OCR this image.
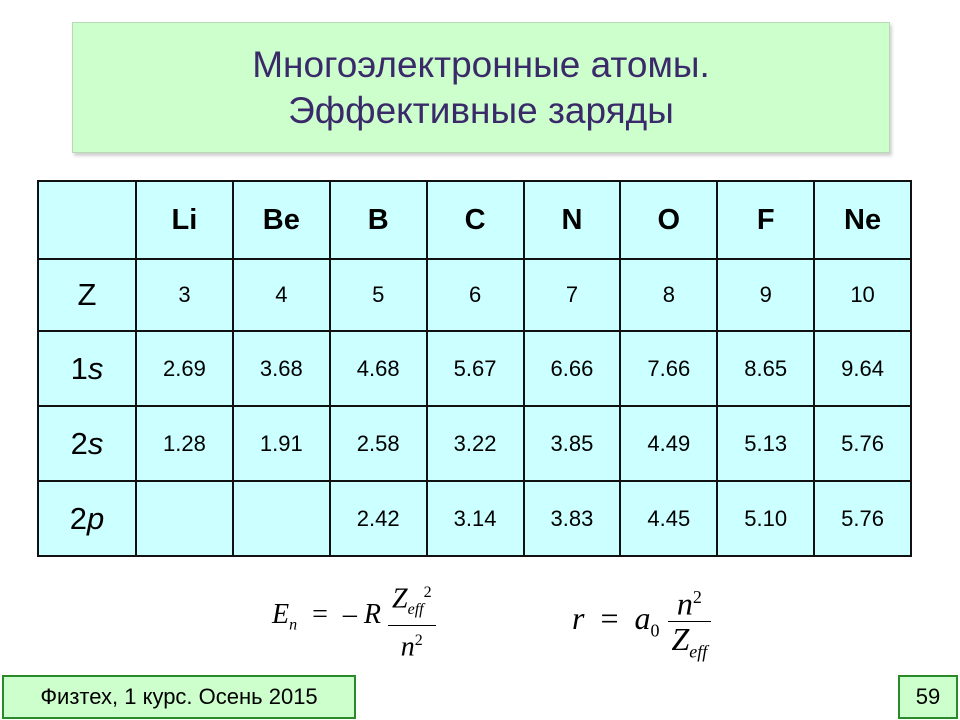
Многоэлектронные атомы.
Эффективные заряды
	Li	Be	B	C	N	O	F	Ne
Z	3	4	5	6	7	8	9	10
1s	2.69	3.68	4.68	5.67	6.66	7.66	8.65	9.64
2s	1.28	1.91	2.58	3.22	3.85	4.49	5.13	5.76
2p			2.42	3.14	3.83	4.45	5.10	5.76
$E_n$ = – R $\frac{Z_{eff}^2}{n^2}$	$r = a_0 \frac{n^2}{Z_{eff}}$
Физтех, 1 курс. Осень 2015	59
